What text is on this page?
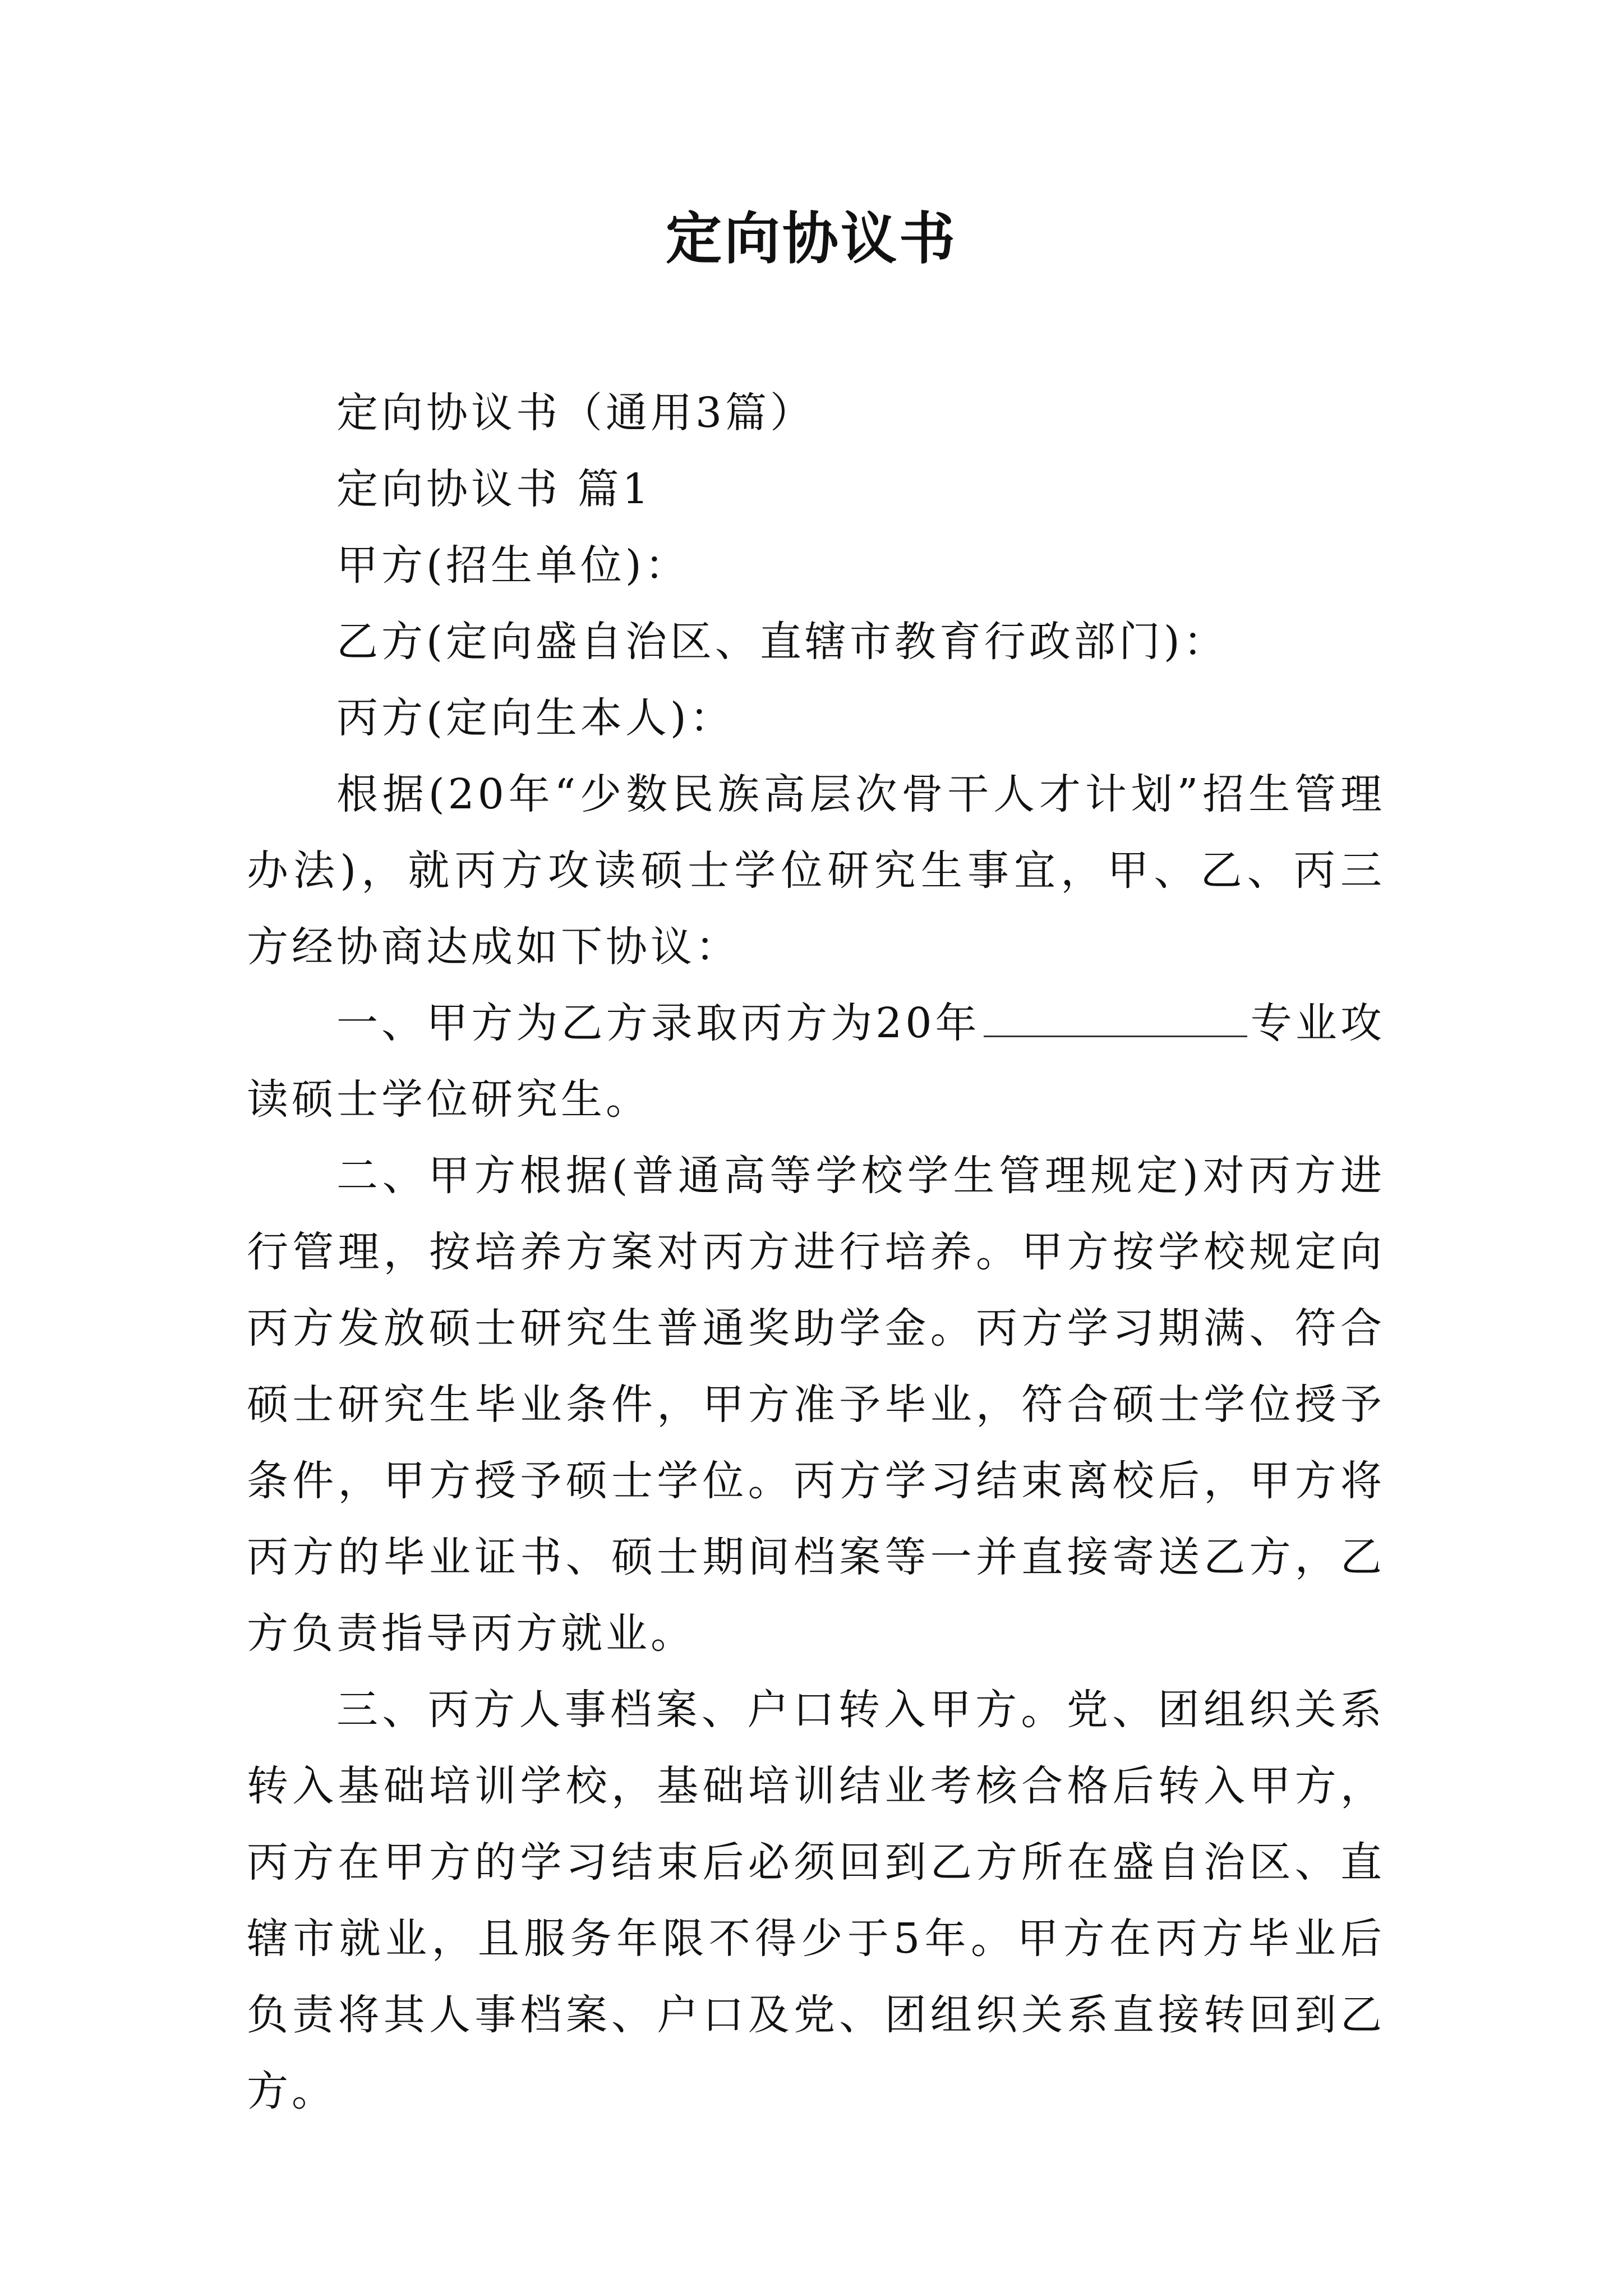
定向协议书

定向协议书（通用3篇）

定向协议书 篇1

甲方(招生单位)：

乙方(定向盛自治区、直辖市教育行政部门)：

丙方(定向生本人)：

根据(20年“少数民族高层次骨干人才计划”招生管理办法)，就丙方攻读硕士学位研究生事宜，甲、乙、丙三方经协商达成如下协议：

一、甲方为乙方录取丙方为20年	专业攻读硕士学位研究生。

二、甲方根据(普通高等学校学生管理规定)对丙方进行管理，按培养方案对丙方进行培养。甲方按学校规定向丙方发放硕士研究生普通奖助学金。丙方学习期满、符合硕士研究生毕业条件，甲方准予毕业，符合硕士学位授予条件，甲方授予硕士学位。丙方学习结束离校后，甲方将丙方的毕业证书、硕士期间档案等一并直接寄送乙方，乙方负责指导丙方就业。

三、丙方人事档案、户口转入甲方。党、团组织关系转入基础培训学校，基础培训结业考核合格后转入甲方，丙方在甲方的学习结束后必须回到乙方所在盛自治区、直辖市就业，且服务年限不得少于5年。甲方在丙方毕业后负责将其人事档案、户口及党、团组织关系直接转回到乙方。
